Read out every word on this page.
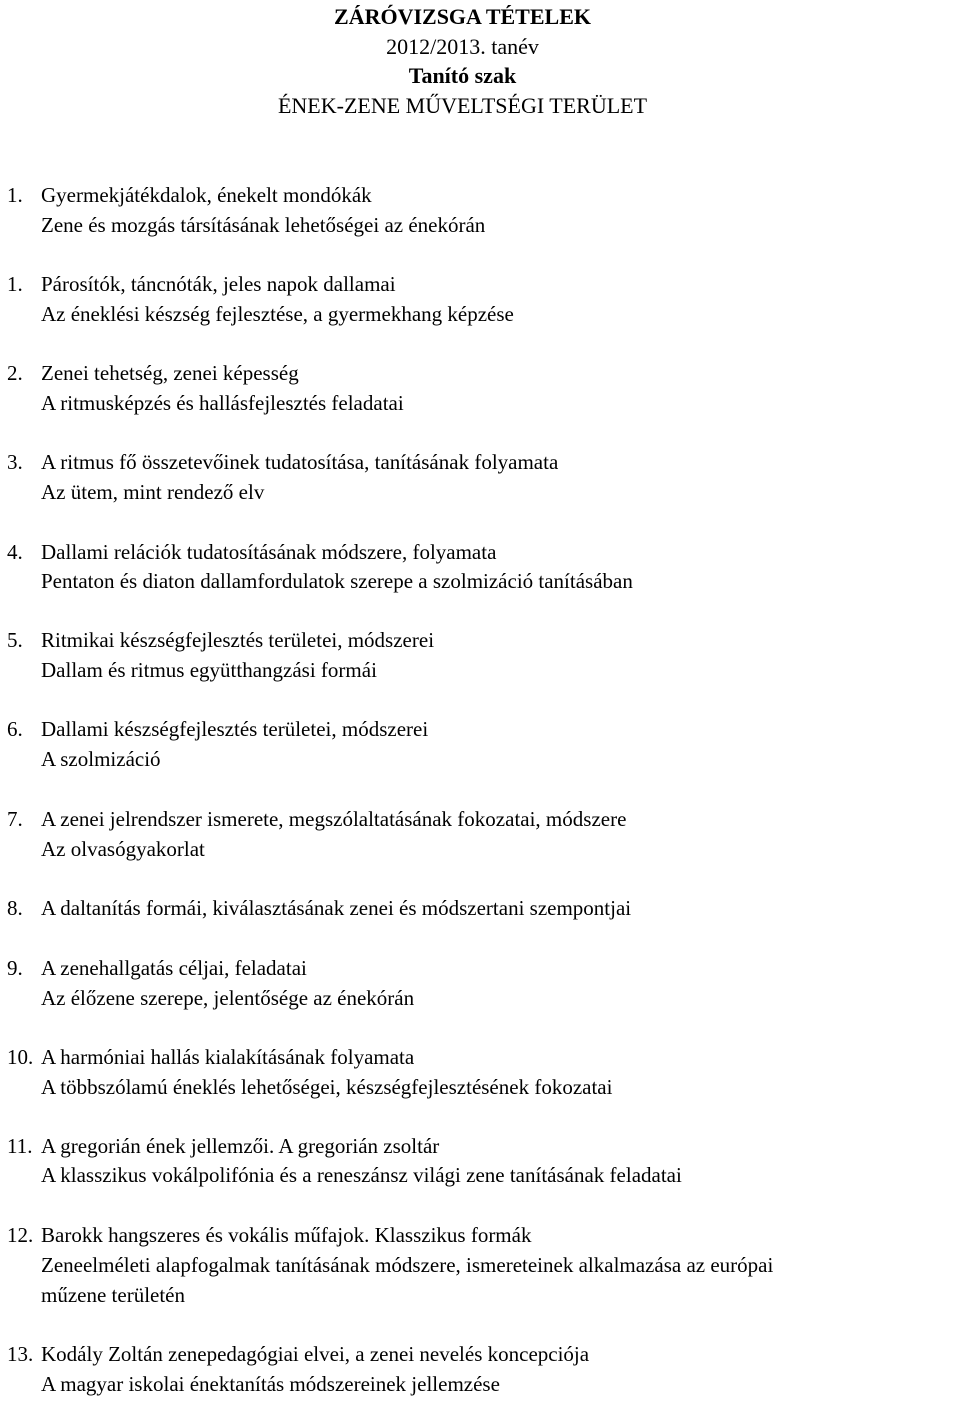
ZÁRÓVIZSGA TÉTELEK
2012/2013. tanév
Tanító szak
ÉNEK-ZENE MŰVELTSÉGI TERÜLET
1. Gyermekjátékdalok, énekelt mondókák
Zene és mozgás társításának lehetőségei az énekórán
1. Párosítók, táncnóták, jeles napok dallamai
Az éneklési készség fejlesztése, a gyermekhang képzése
2. Zenei tehetség, zenei képesség
A ritmusképzés és hallásfejlesztés feladatai
3. A ritmus fő összetevőinek tudatosítása, tanításának folyamata
Az ütem, mint rendező elv
4. Dallami relációk tudatosításának módszere, folyamata
Pentaton és diaton dallamfordulatok szerepe a szolmizáció tanításában
5. Ritmikai készségfejlesztés területei, módszerei
Dallam és ritmus együtthangzási formái
6. Dallami készségfejlesztés területei, módszerei
A szolmizáció
7. A zenei jelrendszer ismerete, megszólaltatásának fokozatai, módszere
Az olvasógyakorlat
8. A daltanítás formái, kiválasztásának zenei és módszertani szempontjai
9. A zenehallgatás céljai, feladatai
Az élőzene szerepe, jelentősége az énekórán
10. A harmóniai hallás kialakításának folyamata
A többszólamú éneklés lehetőségei, készségfejlesztésének fokozatai
11. A gregorián ének jellemzői. A gregorián zsoltár
A klasszikus vokálpolifónia és a reneszánsz világi zene tanításának feladatai
12. Barokk hangszeres és vokális műfajok. Klasszikus formák
Zeneelméleti alapfogalmak tanításának módszere, ismereteinek alkalmazása az európai
műzene területén
13. Kodály Zoltán zenepedagógiai elvei, a zenei nevelés koncepciója
A magyar iskolai énektanítás módszereinek jellemzése
